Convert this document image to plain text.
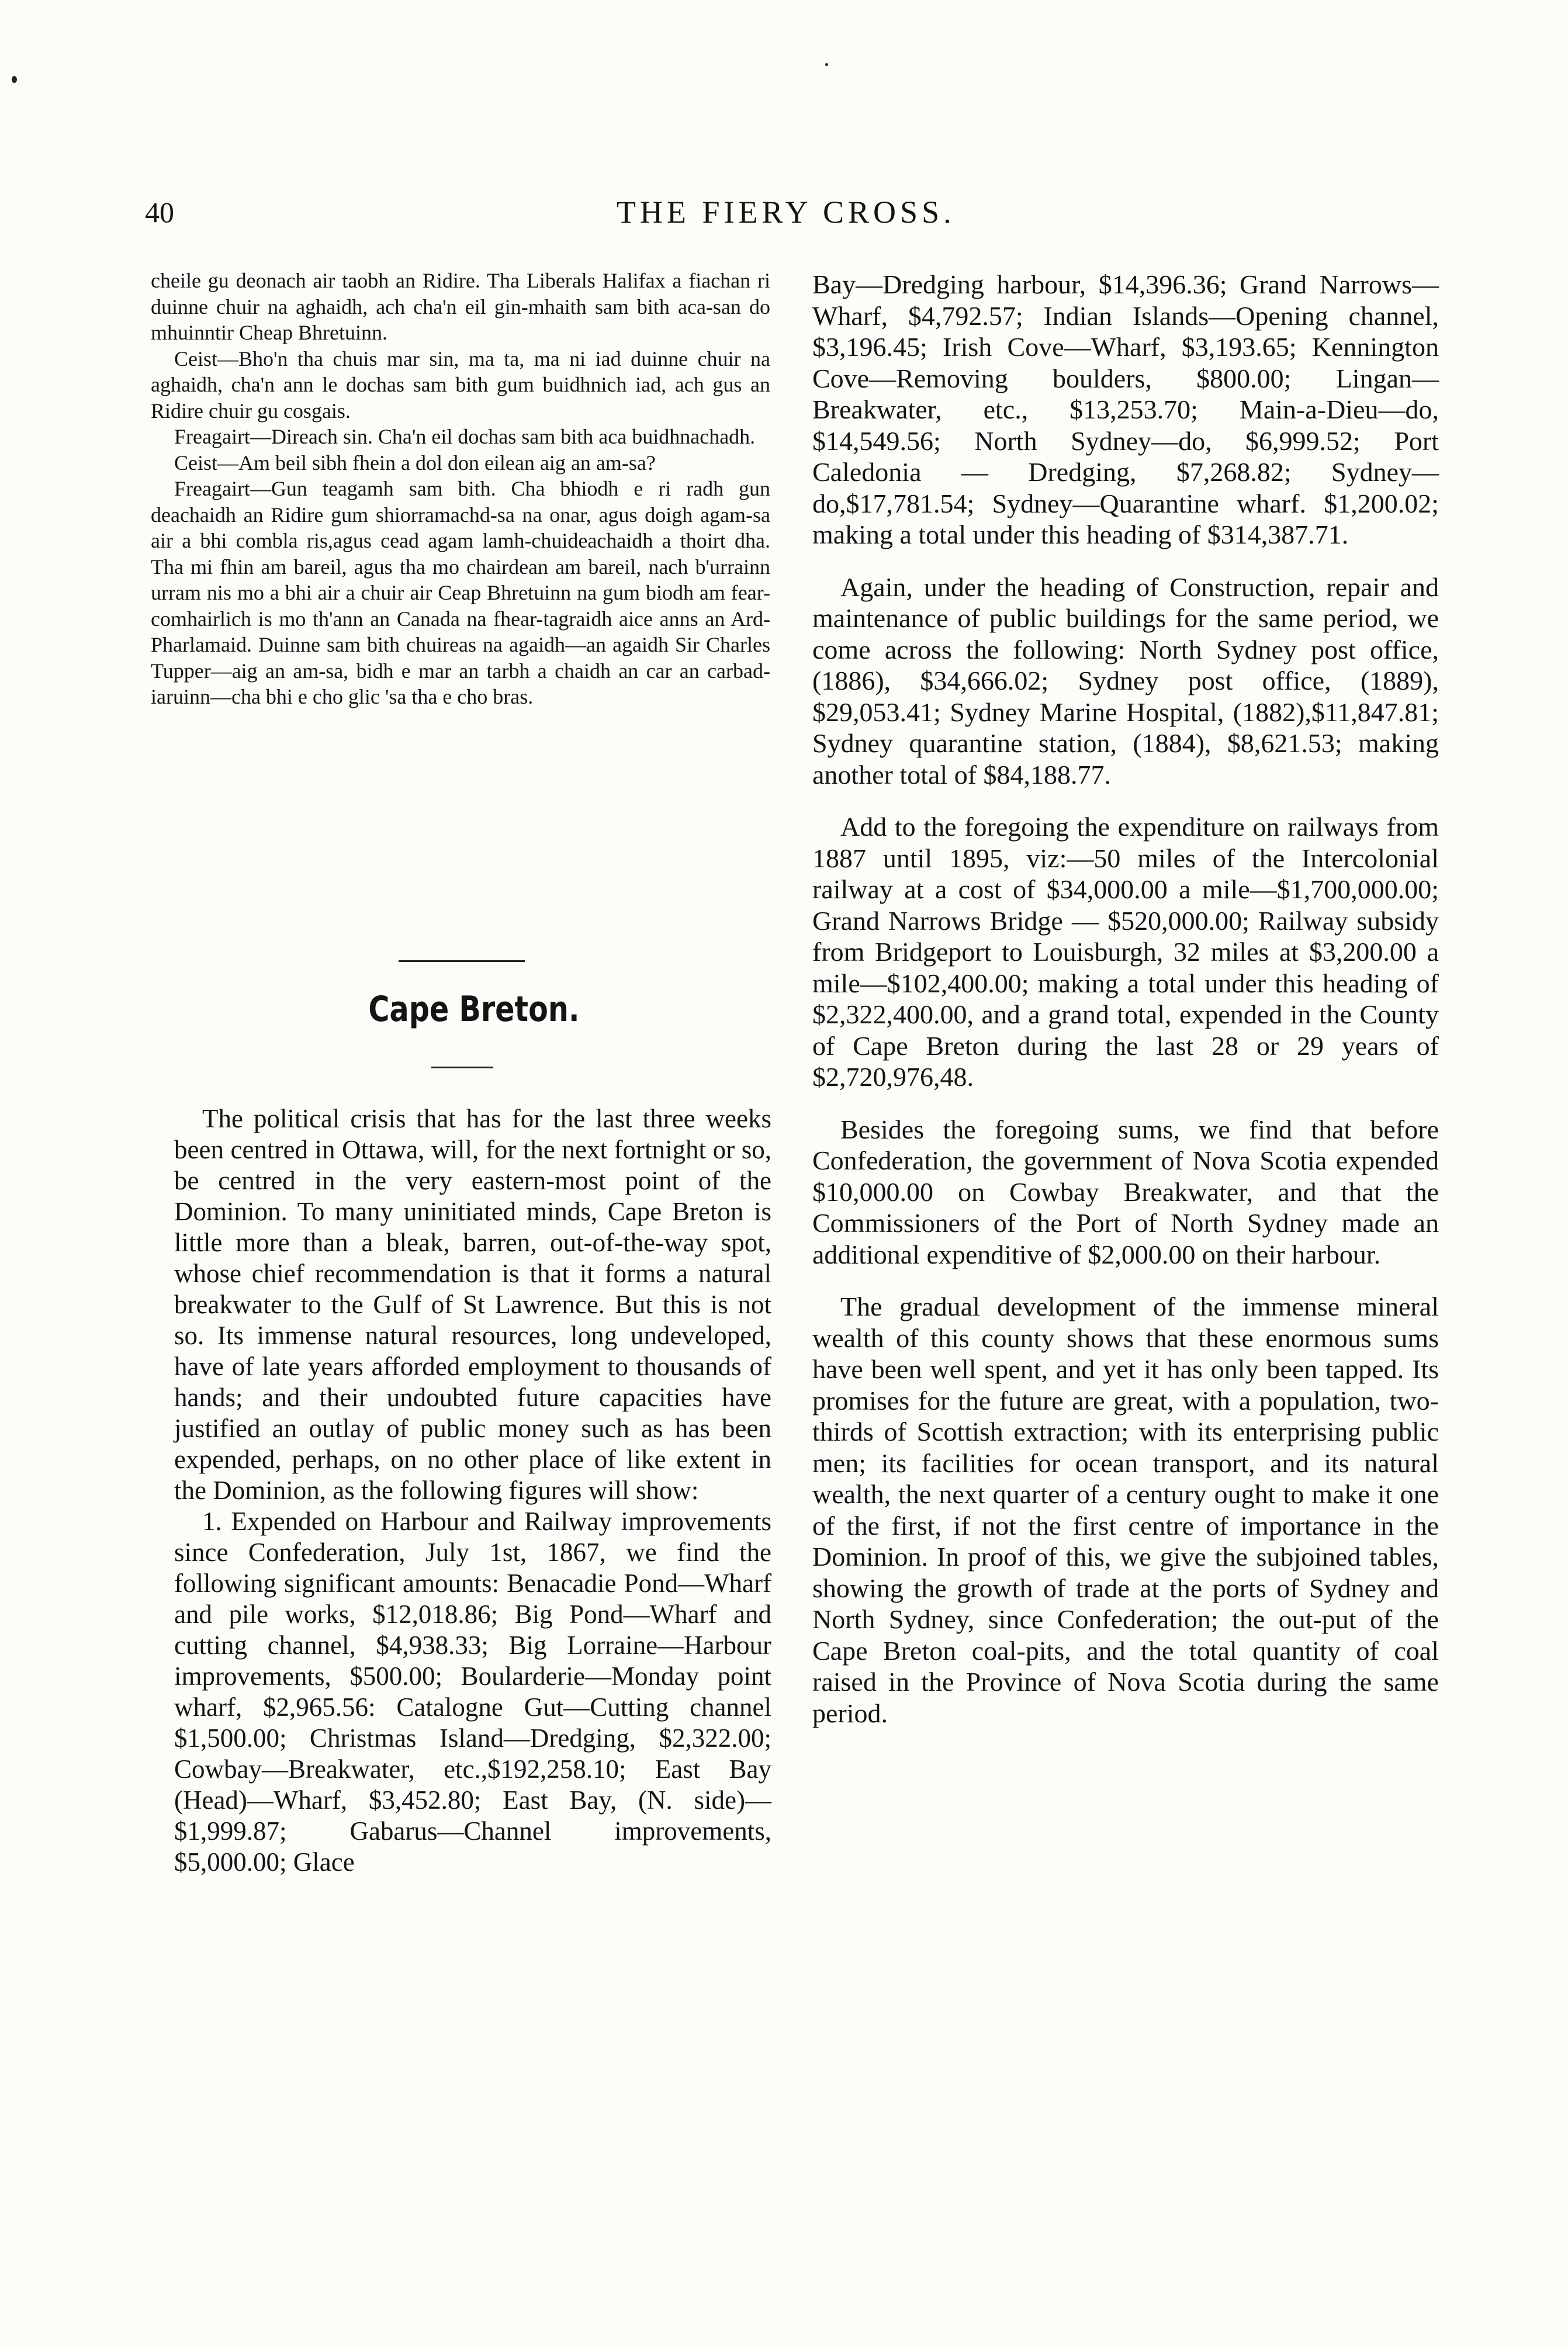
40	THE FIERY CROSS.

cheile gu deonach air taobh an Ridire. Tha Liberals Halifax a fiachan ri duinne chuir na aghaidh, ach cha'n eil gin-mhaith sam bith aca-san do mhuinntir Cheap Bhretuinn.

Ceist—Bho'n tha chuis mar sin, ma ta, ma ni iad duinne chuir na aghaidh, cha'n ann le dochas sam bith gum buidhnich iad, ach gus an Ridire chuir gu cosgais.

Freagairt—Direach sin. Cha'n eil dochas sam bith aca buidhnachadh.

Ceist—Am beil sibh fhein a dol don eilean aig an am-sa?

Freagairt—Gun teagamh sam bith. Cha bhiodh e ri radh gun deachaidh an Ridire gum shiorramachd-sa na onar, agus doigh agam-sa air a bhi combla ris,agus cead agam lamh-chuideachaidh a thoirt dha. Tha mi fhin am bareil, agus tha mo chairdean am bareil, nach b'urrainn urram nis mo a bhi air a chuir air Ceap Bhretuinn na gum biodh am fear-comhairlich is mo th'ann an Canada na fhear-tagraidh aice anns an Ard-Pharlamaid. Duinne sam bith chuireas na agaidh—an agaidh Sir Charles Tupper—aig an am-sa, bidh e mar an tarbh a chaidh an car an carbad-iaruinn—cha bhi e cho glic 'sa tha e cho bras.

Cape Breton.

The political crisis that has for the last three weeks been centred in Ottawa, will, for the next fortnight or so, be centred in the very eastern-most point of the Dominion. To many uninitiated minds, Cape Breton is little more than a bleak, barren, out-of-the-way spot, whose chief recommendation is that it forms a natural breakwater to the Gulf of St Lawrence. But this is not so. Its immense natural resources, long undeveloped, have of late years afforded employment to thousands of hands; and their undoubted future capacities have justified an outlay of public money such as has been expended, perhaps, on no other place of like extent in the Dominion, as the following figures will show:

1. Expended on Harbour and Railway improvements since Confederation, July 1st, 1867, we find the following significant amounts: Benacadie Pond—Wharf and pile works, $12,018.86; Big Pond—Wharf and cutting channel, $4,938.33; Big Lorraine—Harbour improvements, $500.00; Boularderie—Monday point wharf, $2,965.56: Catalogne Gut—Cutting channel $1,500.00; Christmas Island—Dredging, $2,322.00; Cowbay—Breakwater, etc.,$192,258.10; East Bay (Head)—Wharf, $3,452.80; East Bay, (N. side)—$1,999.87; Gabarus—Channel improvements, $5,000.00; Glace

Bay—Dredging harbour, $14,396.36; Grand Narrows—Wharf, $4,792.57; Indian Islands—Opening channel, $3,196.45; Irish Cove—Wharf, $3,193.65; Kennington Cove—Removing boulders, $800.00; Lingan—Breakwater, etc., $13,253.70; Main-a-Dieu—do, $14,549.56; North Sydney—do, $6,999.52; Port Caledonia — Dredging, $7,268.82; Sydney—do,$17,781.54; Sydney—Quarantine wharf. $1,200.02; making a total under this heading of $314,387.71.

Again, under the heading of Construction, repair and maintenance of public buildings for the same period, we come across the following: North Sydney post office, (1886), $34,666.02; Sydney post office, (1889), $29,053.41; Sydney Marine Hospital, (1882),$11,847.81; Sydney quarantine station, (1884), $8,621.53; making another total of $84,188.77.

Add to the foregoing the expenditure on railways from 1887 until 1895, viz:—50 miles of the Intercolonial railway at a cost of $34,000.00 a mile—$1,700,000.00; Grand Narrows Bridge — $520,000.00; Railway subsidy from Bridgeport to Louisburgh, 32 miles at $3,200.00 a mile—$102,400.00; making a total under this heading of $2,322,400.00, and a grand total, expended in the County of Cape Breton during the last 28 or 29 years of $2,720,976,48.

Besides the foregoing sums, we find that before Confederation, the government of Nova Scotia expended $10,000.00 on Cowbay Breakwater, and that the Commissioners of the Port of North Sydney made an additional expenditive of $2,000.00 on their harbour.

The gradual development of the immense mineral wealth of this county shows that these enormous sums have been well spent, and yet it has only been tapped. Its promises for the future are great, with a population, two-thirds of Scottish extraction; with its enterprising public men; its facilities for ocean transport, and its natural wealth, the next quarter of a century ought to make it one of the first, if not the first centre of importance in the Dominion. In proof of this, we give the subjoined tables, showing the growth of trade at the ports of Sydney and North Sydney, since Confederation; the out-put of the Cape Breton coal-pits, and the total quantity of coal raised in the Province of Nova Scotia during the same period.
